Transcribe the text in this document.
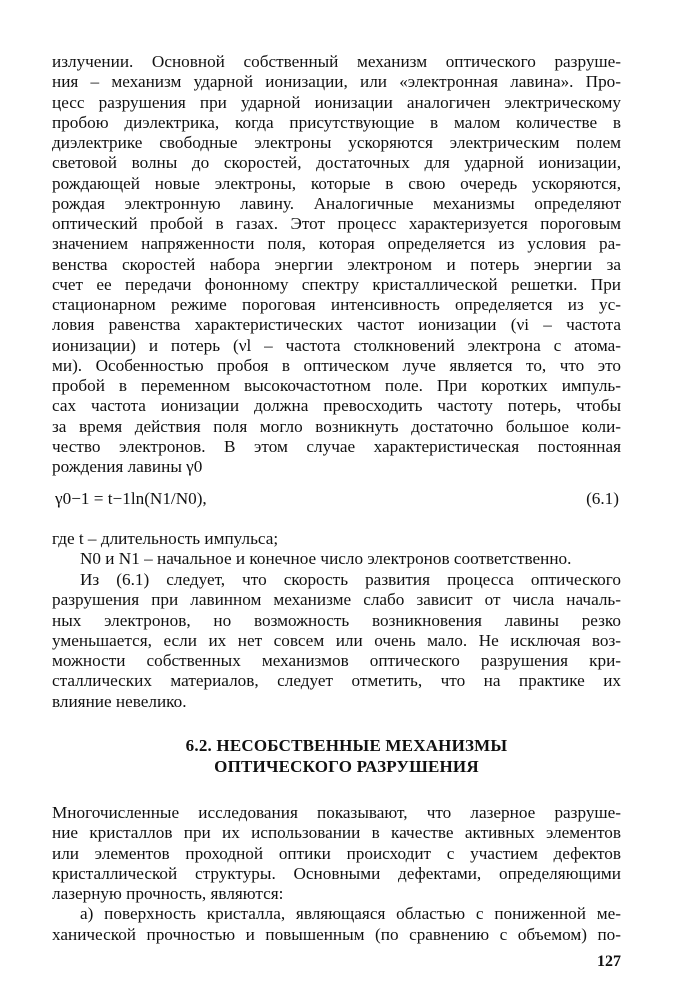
излучении. Основной собственный механизм оптического разруше-
ния – механизм ударной ионизации, или «электронная лавина». Про-
цесс разрушения при ударной ионизации аналогичен электрическому
пробою диэлектрика, когда присутствующие в малом количестве в
диэлектрике свободные электроны ускоряются электрическим полем
световой волны до скоростей, достаточных для ударной ионизации,
рождающей новые электроны, которые в свою очередь ускоряются,
рождая электронную лавину. Аналогичные механизмы определяют
оптический пробой в газах. Этот процесс характеризуется пороговым
значением напряженности поля, которая определяется из условия ра-
венства скоростей набора энергии электроном и потерь энергии за
счет ее передачи фононному спектру кристаллической решетки. При
стационарном режиме пороговая интенсивность определяется из ус-
ловия равенства характеристических частот ионизации (νi – частота
ионизации) и потерь (νl – частота столкновений электрона с атома-
ми). Особенностью пробоя в оптическом луче является то, что это
пробой в переменном высокочастотном поле. При коротких импуль-
сах частота ионизации должна превосходить частоту потерь, чтобы
за время действия поля могло возникнуть достаточно большое коли-
чество электронов. В этом случае характеристическая постоянная
рождения лавины γ0

γ0−1 = t−1ln(N1/N0),	(6.1)

где t – длительность импульса;
N0 и N1 – начальное и конечное число электронов соответственно.

Из (6.1) следует, что скорость развития процесса оптического
разрушения при лавинном механизме слабо зависит от числа началь-
ных электронов, но возможность возникновения лавины резко
уменьшается, если их нет совсем или очень мало. Не исключая воз-
можности собственных механизмов оптического разрушения кри-
сталлических материалов, следует отметить, что на практике их
влияние невелико.

6.2. НЕСОБСТВЕННЫЕ МЕХАНИЗМЫ
ОПТИЧЕСКОГО РАЗРУШЕНИЯ

Многочисленные исследования показывают, что лазерное разруше-
ние кристаллов при их использовании в качестве активных элементов
или элементов проходной оптики происходит с участием дефектов
кристаллической структуры. Основными дефектами, определяющими
лазерную прочность, являются:
а) поверхность кристалла, являющаяся областью с пониженной ме-
ханической прочностью и повышенным (по сравнению с объемом) по-

127
